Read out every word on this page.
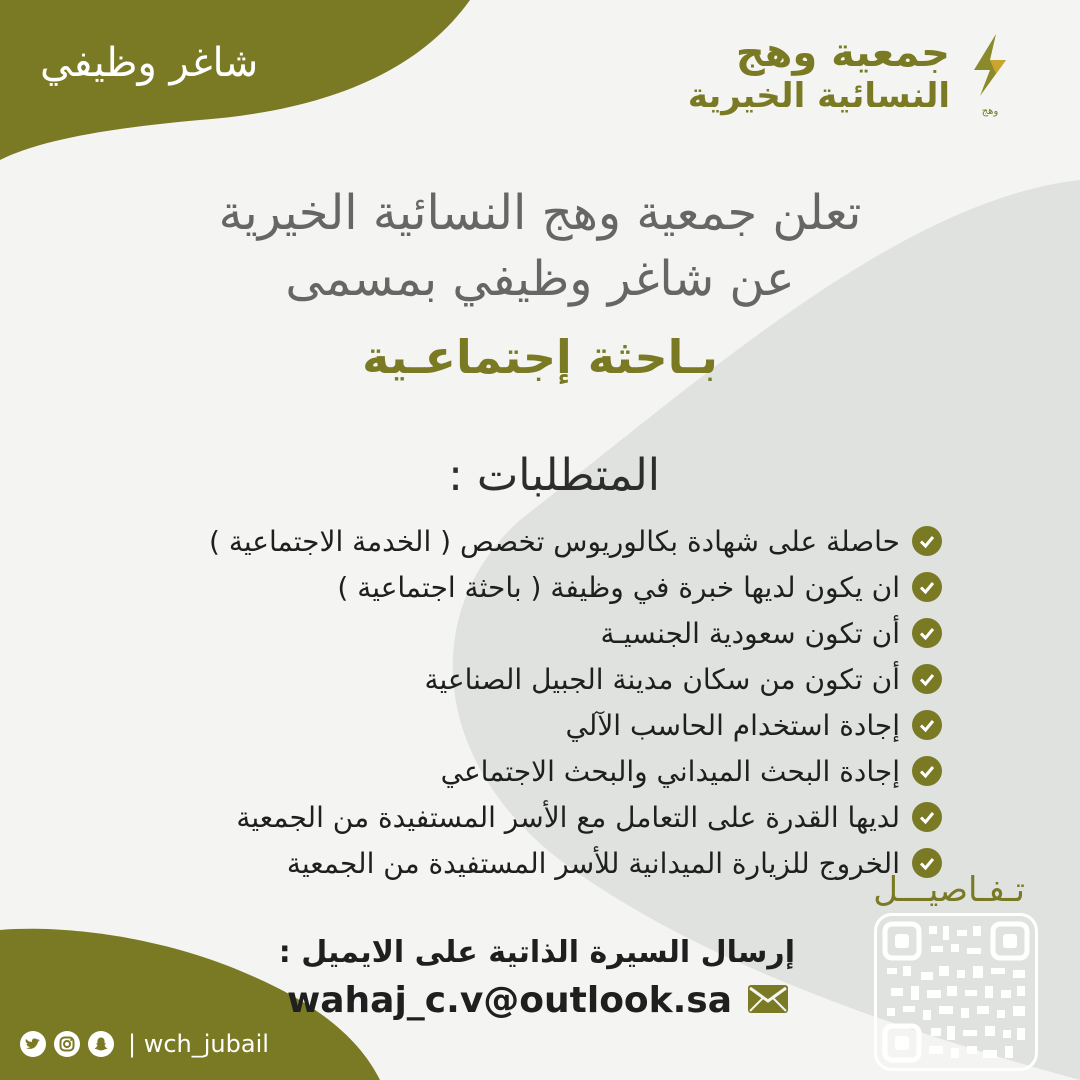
شاغر وظيفي	جمعية وهج
النسائية الخيرية	وهج
تعلن جمعية وهج النسائية الخيرية
عن شاغر وظيفي بمسمى
بـاحثة إجتماعـية
المتطلبات :
حاصلة على شهادة بكالوريوس تخصص ( الخدمة الاجتماعية )
ان يكون لديها خبرة في وظيفة ( باحثة اجتماعية )
أن تكون سعودية الجنسيـة
أن تكون من سكان مدينة الجبيل الصناعية
إجادة استخدام الحاسب الآلي
إجادة البحث الميداني والبحث الاجتماعي
لديها القدرة على التعامل مع الأسر المستفيدة من الجمعية
الخروج للزيارة الميدانية للأسر المستفيدة من الجمعية
تـفـاصيـــل
إرسال السيرة الذاتية على الايميل :
wahaj_c.v@outlook.sa
| wch_jubail
